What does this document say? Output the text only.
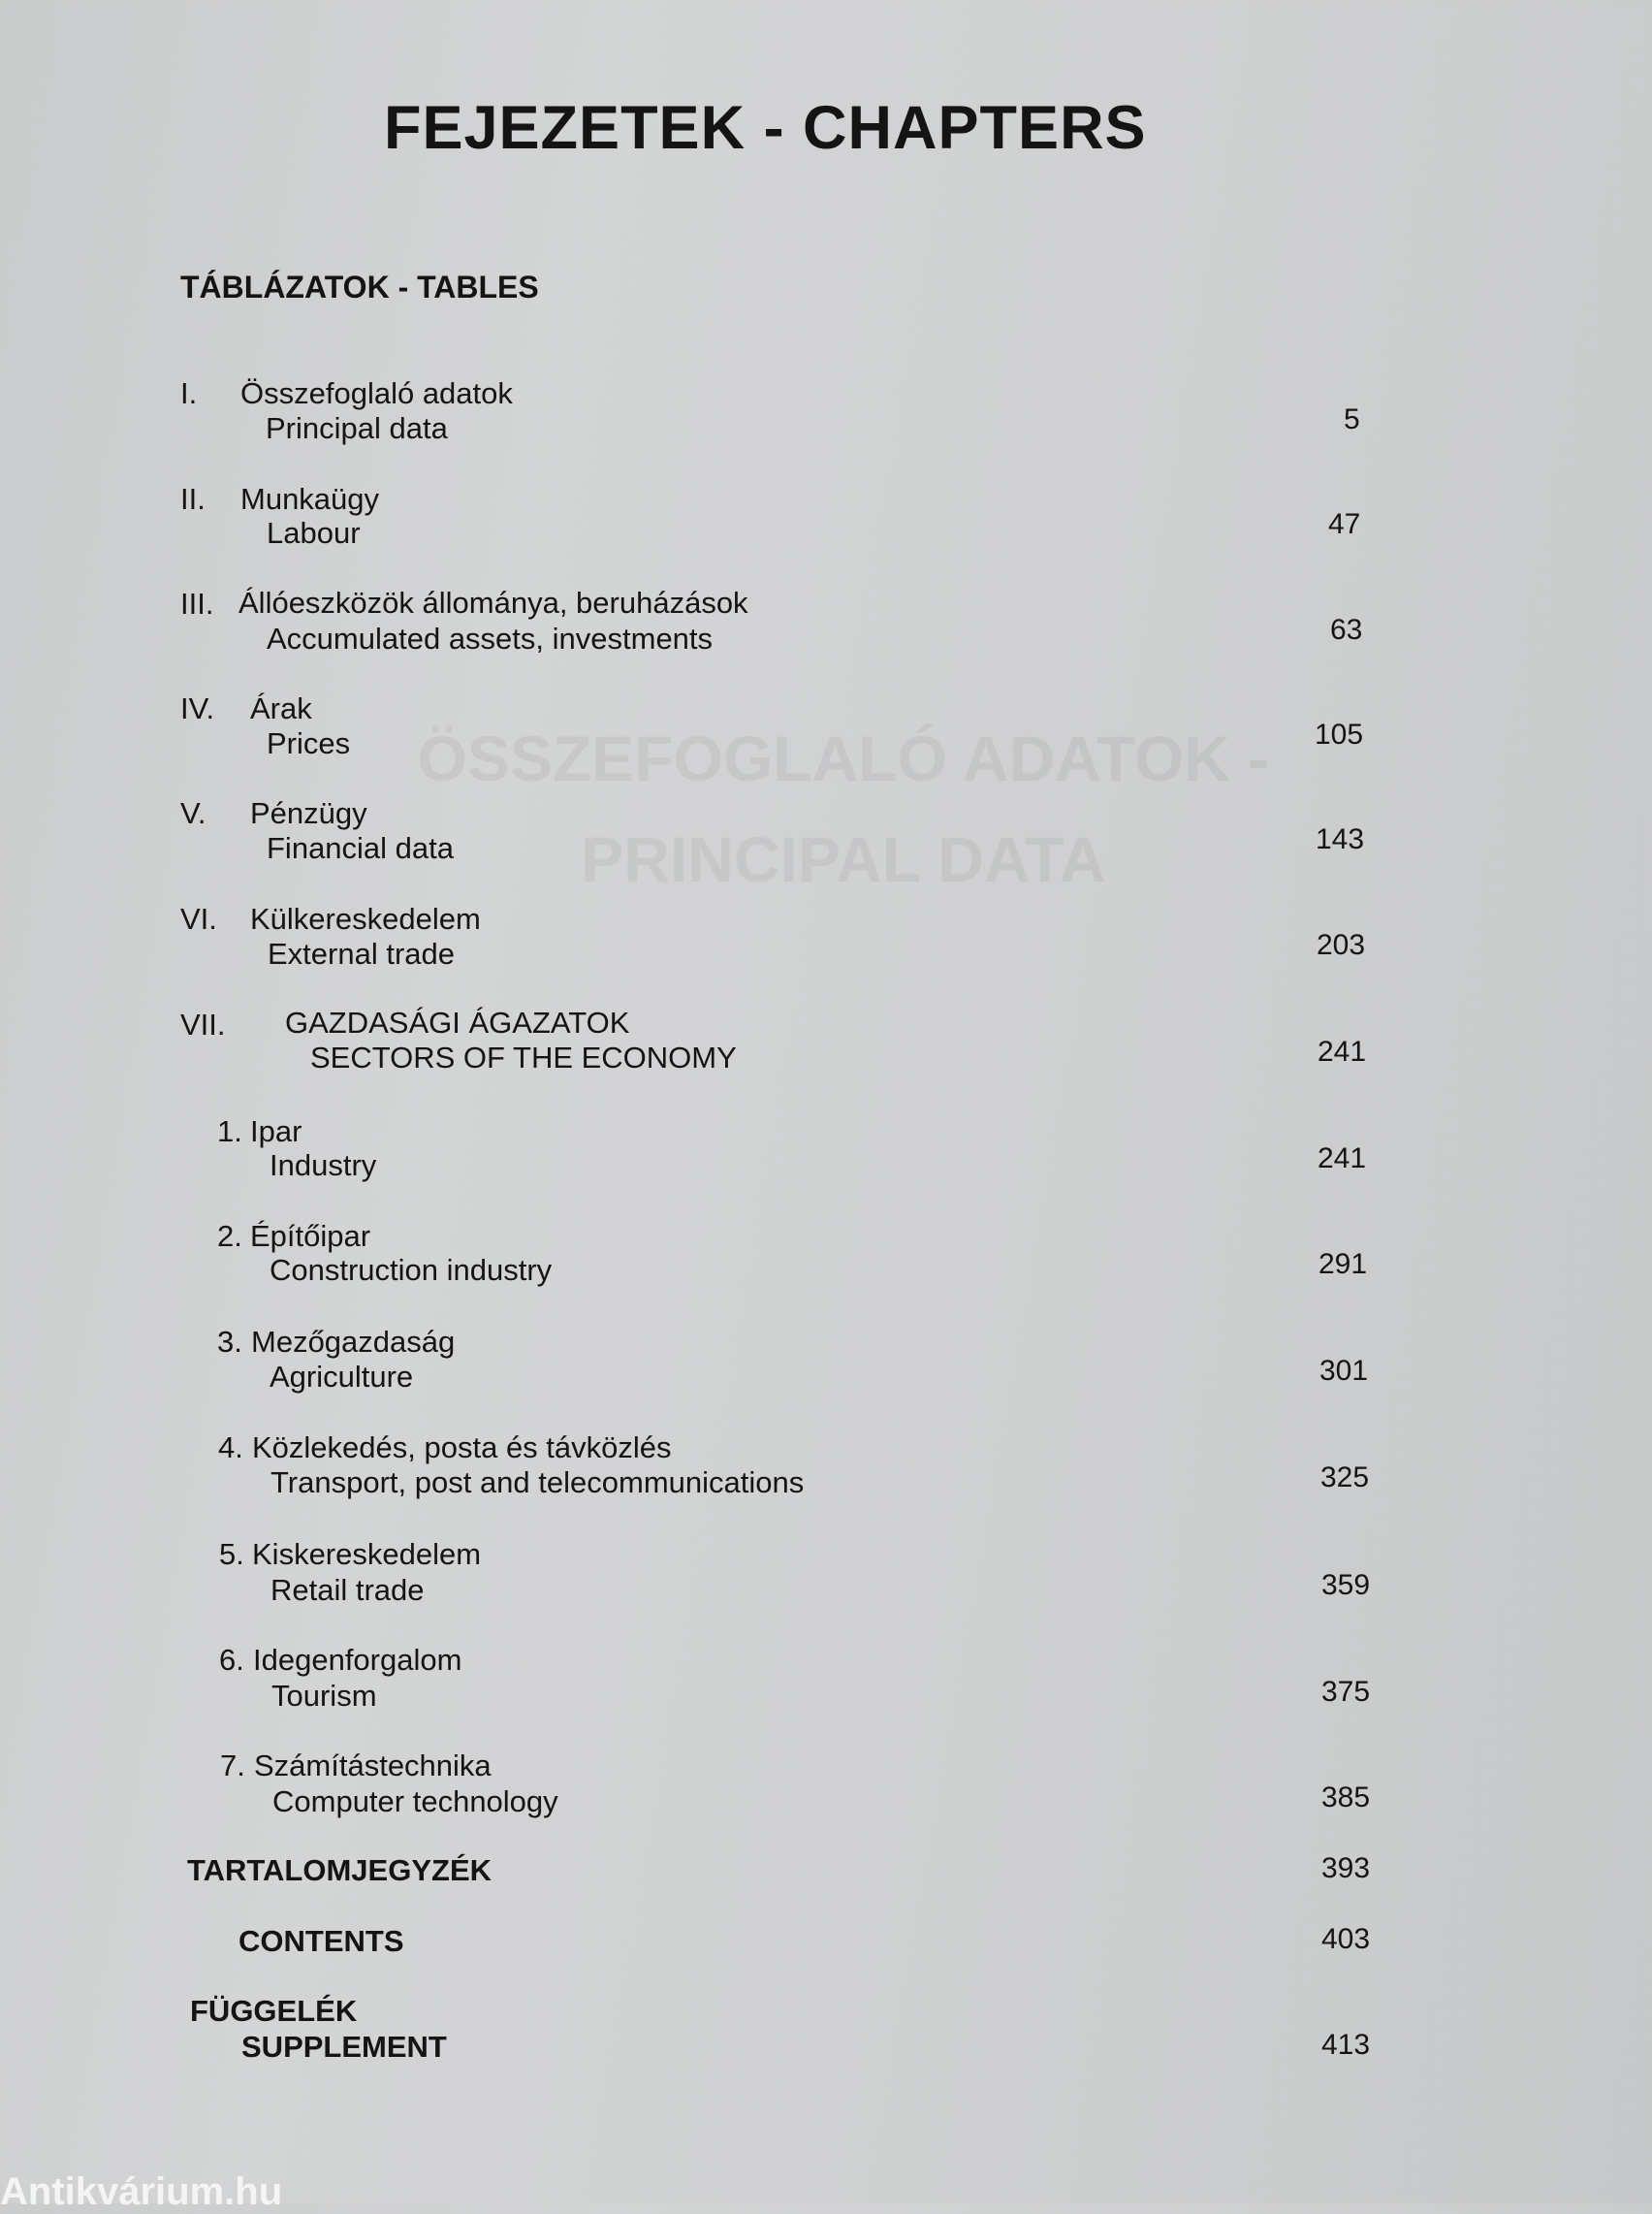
ÖSSZEFOGLALÓ ADATOK -
PRINCIPAL DATA
FEJEZETEK - CHAPTERS
TÁBLÁZATOK - TABLES
I. Összefoglaló adatok
Principal data	5
II. Munkaügy
Labour	47
III. Állóeszközök állománya, beruházások
Accumulated assets, investments	63
IV. Árak
Prices	105
V. Pénzügy
Financial data	143
VI. Külkereskedelem
External trade	203
VII. GAZDASÁGI ÁGAZATOK
SECTORS OF THE ECONOMY	241
1. Ipar
Industry	241
2. Építőipar
Construction industry	291
3. Mezőgazdaság
Agriculture	301
4. Közlekedés, posta és távközlés
Transport, post and telecommunications	325
5. Kiskereskedelem
Retail trade	359
6. Idegenforgalom
Tourism	375
7. Számítástechnika
Computer technology	385
TARTALOMJEGYZÉK	393
CONTENTS	403
FÜGGELÉK
SUPPLEMENT	413
Antikvárium.hu
